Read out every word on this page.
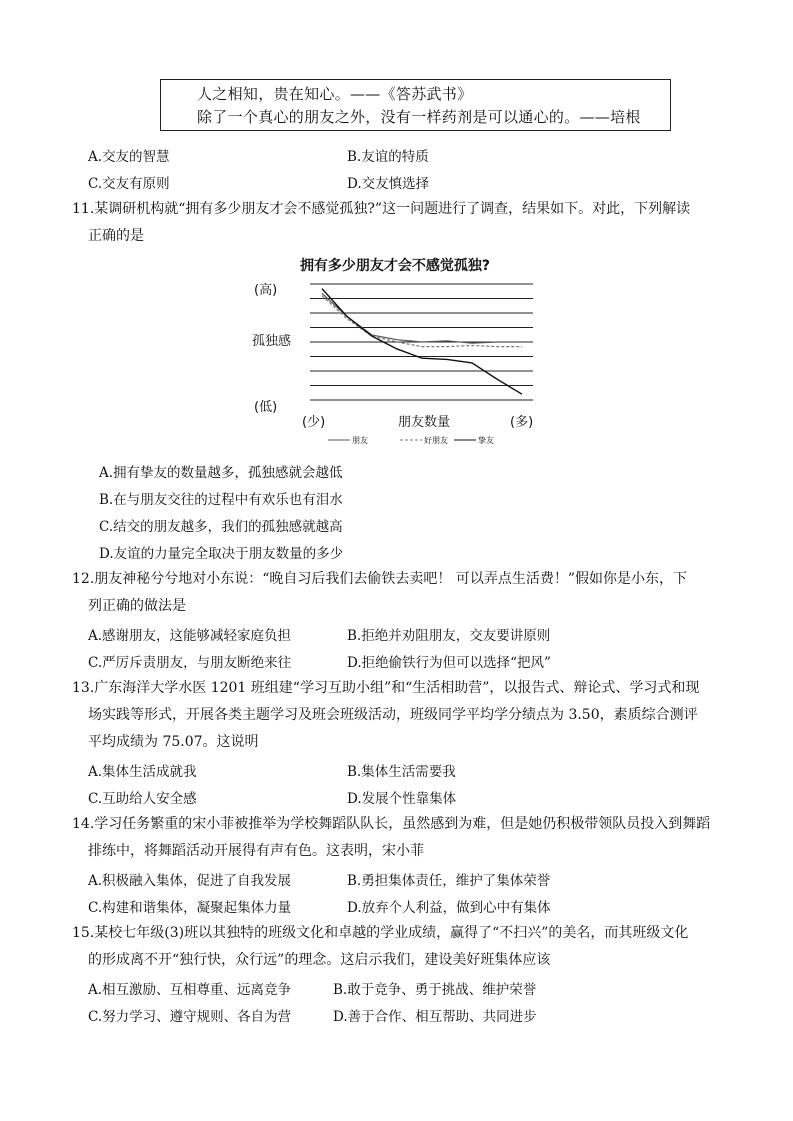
人之相知，贵在知心。——《答苏武书》
除了一个真心的朋友之外，没有一样药剂是可以通心的。——培根
A.交友的智慧	B.友谊的特质
C.交友有原则	D.交友慎选择
11.某调研机构就“拥有多少朋友才会不感觉孤独?”这一问题进行了调查，结果如下。对此，下列解读
正确的是
拥有多少朋友才会不感觉孤独?
(高)
孤独感
(低)
(少)	朋友数量	(多)
朋友	好朋友	挚友
A.拥有挚友的数量越多，孤独感就会越低
B.在与朋友交往的过程中有欢乐也有泪水
C.结交的朋友越多，我们的孤独感就越高
D.友谊的力量完全取决于朋友数量的多少
12.朋友神秘兮兮地对小东说：“晚自习后我们去偷铁去卖吧！ 可以弄点生活费！”假如你是小东，下
列正确的做法是
A.感谢朋友，这能够减轻家庭负担	B.拒绝并劝阻朋友，交友要讲原则
C.严厉斥责朋友，与朋友断绝来往	D.拒绝偷铁行为但可以选择“把风”
13.广东海洋大学水医 1201 班组建“学习互助小组”和“生活相助营”，以报告式、辩论式、学习式和现
场实践等形式，开展各类主题学习及班会班级活动，班级同学平均学分绩点为 3.50，素质综合测评
平均成绩为 75.07。这说明
A.集体生活成就我	B.集体生活需要我
C.互助给人安全感	D.发展个性靠集体
14.学习任务繁重的宋小菲被推举为学校舞蹈队队长，虽然感到为难，但是她仍积极带领队员投入到舞蹈
排练中，将舞蹈活动开展得有声有色。这表明，宋小菲
A.积极融入集体，促进了自我发展	B.勇担集体责任，维护了集体荣誉
C.构建和谐集体，凝聚起集体力量	D.放弃个人利益，做到心中有集体
15.某校七年级(3)班以其独特的班级文化和卓越的学业成绩，赢得了“不扫兴”的美名，而其班级文化
的形成离不开“独行快，众行远”的理念。这启示我们，建设美好班集体应该
A.相互激励、互相尊重、远离竞争	B.敢于竞争、勇于挑战、维护荣誉
C.努力学习、遵守规则、各自为营	D.善于合作、相互帮助、共同进步
